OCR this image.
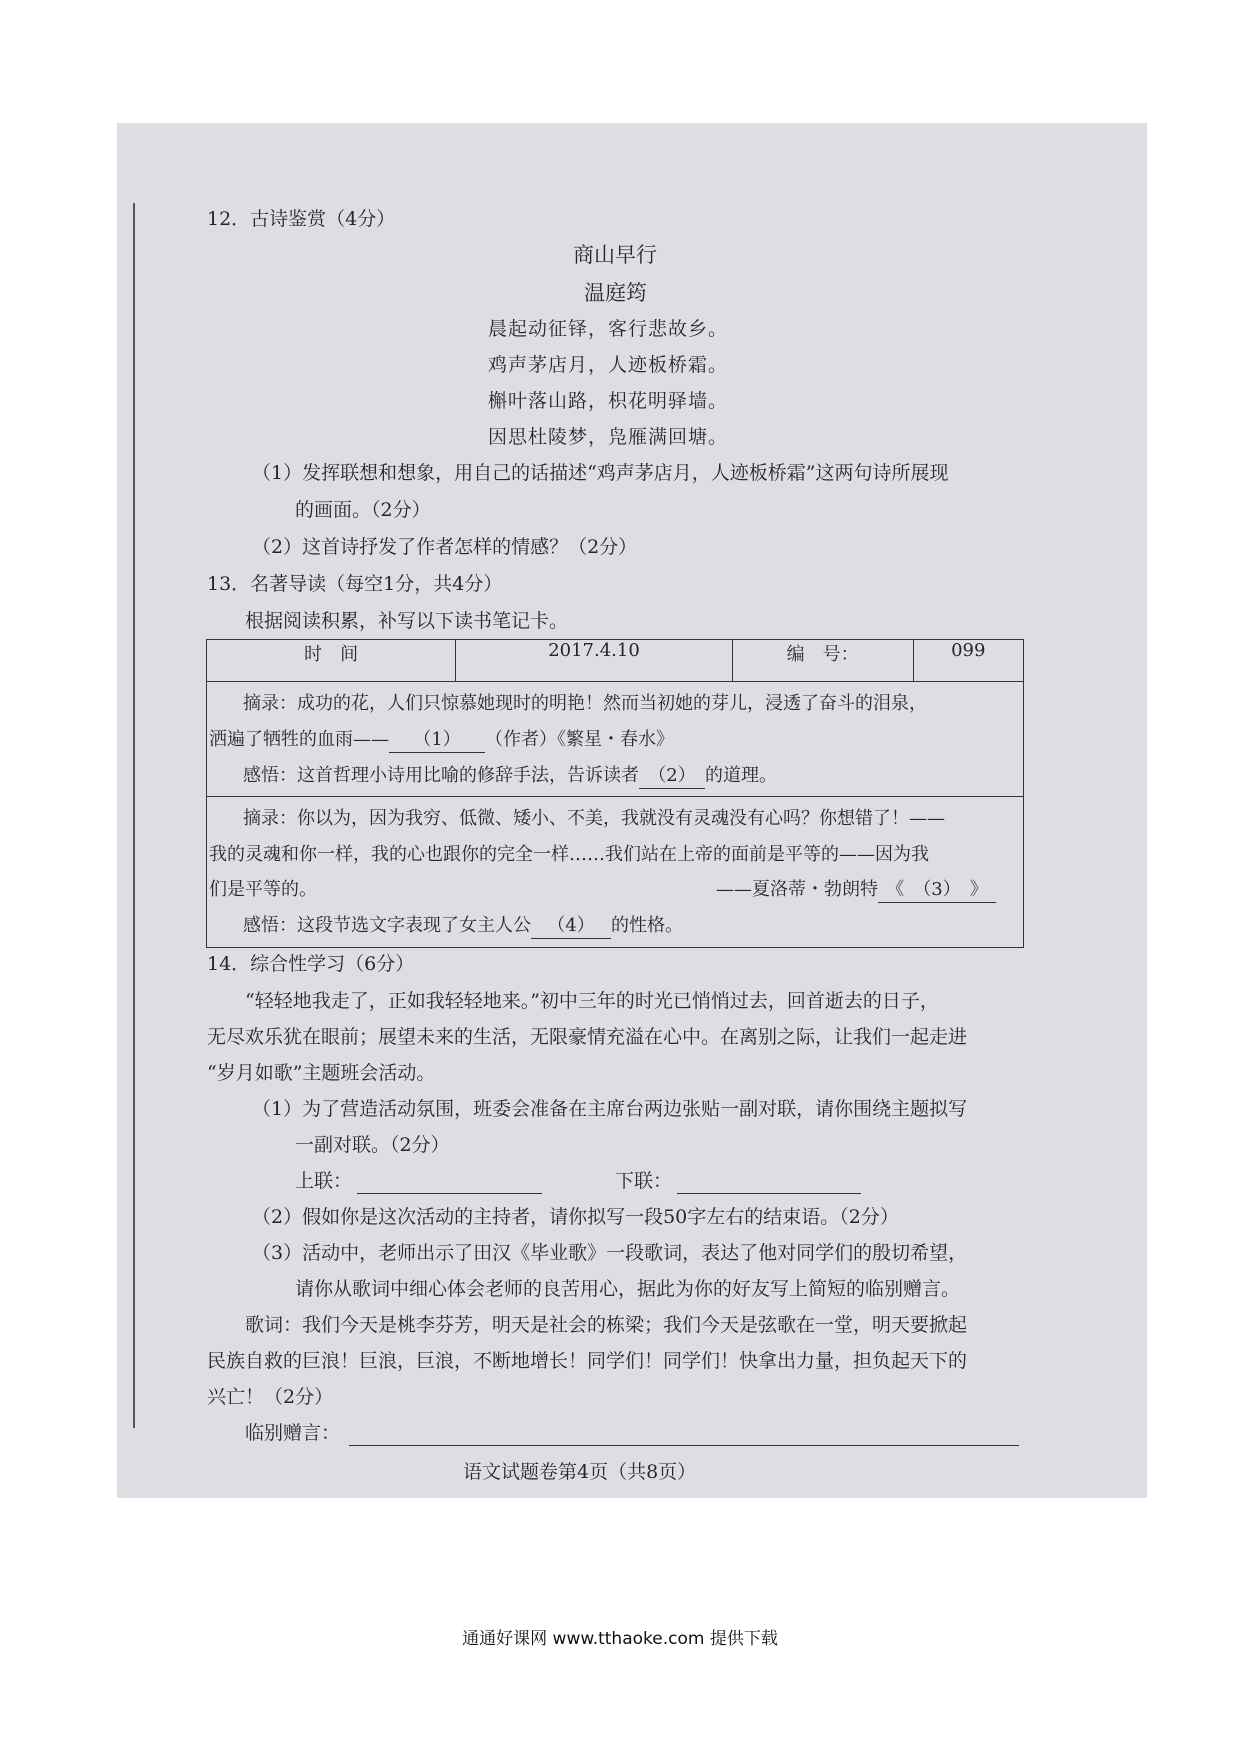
12．古诗鉴赏（4分）
商山早行
温庭筠
晨起动征铎，客行悲故乡。
鸡声茅店月，人迹板桥霜。
槲叶落山路，枳花明驿墙。
因思杜陵梦，凫雁满回塘。
（1）发挥联想和想象，用自己的话描述“鸡声茅店月，人迹板桥霜”这两句诗所展现
的画面。（2分）
（2）这首诗抒发了作者怎样的情感？（2分）
13．名著导读（每空1分，共4分）
根据阅读积累，补写以下读书笔记卡。
时　间	2017.4.10	编　号：	099

摘录：成功的花，人们只惊慕她现时的明艳！然而当初她的芽儿，浸透了奋斗的泪泉，
洒遍了牺牲的血雨—— （1） （作者）《繁星・春水》
感悟：这首哲理小诗用比喻的修辞手法，告诉读者 （2） 的道理。

摘录：你以为，因为我穷、低微、矮小、不美，我就没有灵魂没有心吗？你想错了！——
我的灵魂和你一样，我的心也跟你的完全一样……我们站在上帝的面前是平等的——因为我
们是平等的。	——夏洛蒂・勃朗特 《　（3）　》
感悟：这段节选文字表现了女主人公 （4） 的性格。
14．综合性学习（6分）
“轻轻地我走了，正如我轻轻地来。”初中三年的时光已悄悄过去，回首逝去的日子，
无尽欢乐犹在眼前；展望未来的生活，无限豪情充溢在心中。在离别之际，让我们一起走进
“岁月如歌”主题班会活动。
（1）为了营造活动氛围，班委会准备在主席台两边张贴一副对联，请你围绕主题拟写
一副对联。（2分）
上联：	下联：
（2）假如你是这次活动的主持者，请你拟写一段50字左右的结束语。（2分）
（3）活动中，老师出示了田汉《毕业歌》一段歌词，表达了他对同学们的殷切希望，
请你从歌词中细心体会老师的良苦用心，据此为你的好友写上简短的临别赠言。
歌词：我们今天是桃李芬芳，明天是社会的栋梁；我们今天是弦歌在一堂，明天要掀起
民族自救的巨浪！巨浪，巨浪，不断地增长！同学们！同学们！快拿出力量，担负起天下的
兴亡！（2分）
临别赠言：
语文试题卷第4页（共8页）
通通好课网 www.tthaoke.com 提供下载
